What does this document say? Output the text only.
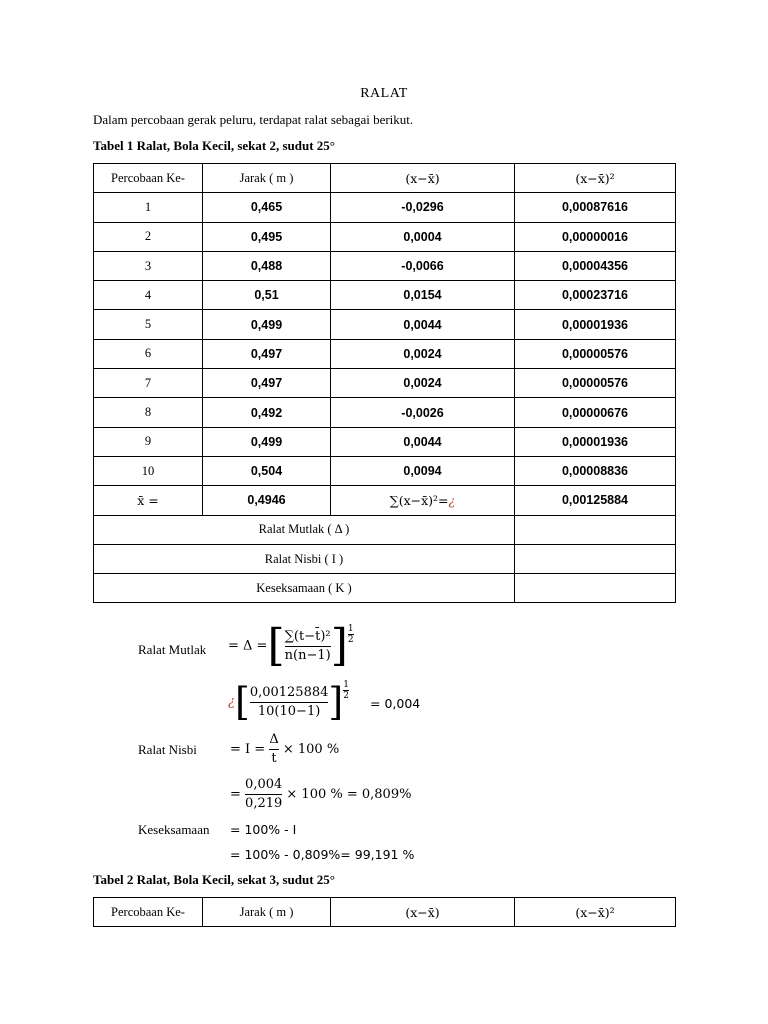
RALAT
Dalam percobaan gerak peluru, terdapat ralat sebagai berikut.
Tabel 1 Ralat, Bola Kecil, sekat 2, sudut 25°
Percobaan Ke-	Jarak ( m )	(x−x̄)	(x−x̄)²
1	0,465	-0,0296	0,00087616
2	0,495	0,0004	0,00000016
3	0,488	-0,0066	0,00004356
4	0,51	0,0154	0,00023716
5	0,499	0,0044	0,00001936
6	0,497	0,0024	0,00000576
7	0,497	0,0024	0,00000576
8	0,492	-0,0026	0,00000676
9	0,499	0,0044	0,00001936
10	0,504	0,0094	0,00008836
x̄ =	0,4946	∑(x−x̄)²=¿	0,00125884
Ralat Mutlak ( Δ )			
Ralat Nisbi ( I )			
Keseksamaan ( K )			
Ralat Mutlak = Δ =[ $\frac{\text{∑(t−t̄)²}}{n(n-1)}$ ] $\frac{1}{2}$
¿[ $\frac{0,00125884}{10(10-1)}$ ] $\frac{1}{2}$
= 0,004
Ralat Nisbi	= $I = \frac{\Delta}{t̄} \times 100$ %
= $\frac{0,004}{0,219} \times 100$ % = 0,809%
Keseksamaan = 100% - I
= 100% - 0,809%= 99,191 %
Tabel 2 Ralat, Bola Kecil, sekat 3, sudut 25°
Percobaan Ke-	Jarak ( m )	(x−x̄)	(x−x̄)²
